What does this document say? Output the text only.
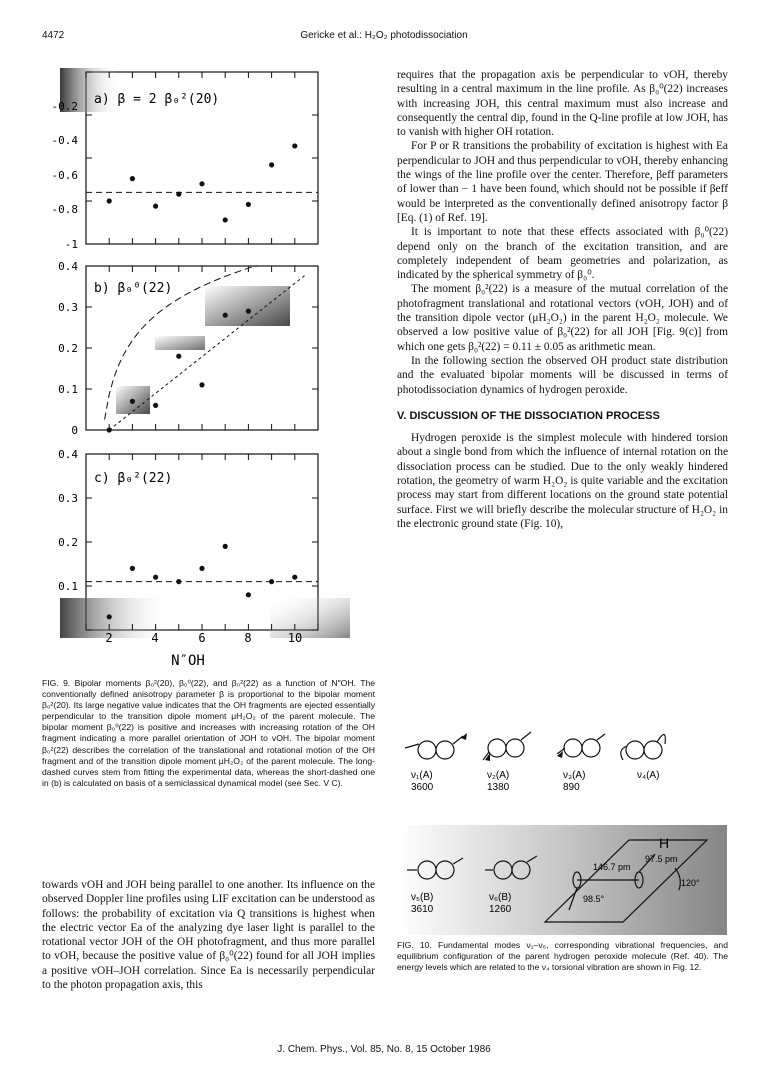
4472	Gericke et al.: H₂O₂ photodissociation
a) β = 2 β₀²(20)
b) β₀⁰(22)
c) β₀²(22)
-0.2
-0.4
-0.6
-0.8
-1
0.4
0.3
0.2
0.1
0
0.4
0.3
0.2
0.1
2	4	6	8	10
N″OH
FIG. 9. Bipolar moments β₀²(20), β₀⁰(22), and β₀²(22) as a function of N″OH. The conventionally defined anisotropy parameter β is proportional to the bipolar moment β₀²(20). Its large negative value indicates that the OH fragments are ejected essentially perpendicular to the transition dipole moment μH₂O₂ of the parent molecule. The bipolar moment β₀⁰(22) is positive and increases with increasing rotation of the OH fragment indicating a more parallel orientation of JOH to vOH. The bipolar moment β₀²(22) describes the correlation of the translational and rotational motion of the OH fragment and of the transition dipole moment μH₂O₂ of the parent molecule. The long-dashed curves stem from fitting the experimental data, whereas the short-dashed one in (b) is calculated on basis of a semiclassical dynamical model (see Sec. V C).

towards vOH and JOH being parallel to one another. Its influence on the observed Doppler line profiles using LIF excitation can be understood as follows: the probability of excitation via Q transitions is highest when the electric vector Ea of the analyzing dye laser light is parallel to the rotational vector JOH of the OH photofragment, and thus more parallel to vOH, because the positive value of β₀⁰(22) found for all JOH implies a positive vOH–JOH correlation. Since Ea is necessarily perpendicular to the photon propagation axis, this

requires that the propagation axis be perpendicular to vOH, thereby resulting in a central maximum in the line profile. As β₀⁰(22) increases with increasing JOH, this central maximum must also increase and consequently the central dip, found in the Q-line profile at low JOH, has to vanish with higher OH rotation.

For P or R transitions the probability of excitation is highest with Ea perpendicular to JOH and thus perpendicular to vOH, thereby enhancing the wings of the line profile over the center. Therefore, βeff parameters of lower than − 1 have been found, which should not be possible if βeff would be interpreted as the conventionally defined anisotropy factor β [Eq. (1) of Ref. 19].

It is important to note that these effects associated with β₀⁰(22) depend only on the branch of the excitation transition, and are completely independent of beam geometries and polarization, as indicated by the spherical symmetry of β₀⁰.

The moment β₀²(22) is a measure of the mutual correlation of the photofragment translational and rotational vectors (vOH, JOH) and of the transition dipole vector (μH₂O₂) in the parent H₂O₂ molecule. We observed a low positive value of β₀²(22) for all JOH [Fig. 9(c)] from which one gets β₀²(22) = 0.11 ± 0.05 as arithmetic mean.

In the following section the observed OH product state distribution and the evaluated bipolar moments will be discussed in terms of photodissociation dynamics of hydrogen peroxide.

V. DISCUSSION OF THE DISSOCIATION PROCESS

Hydrogen peroxide is the simplest molecule with hindered torsion about a single bond from which the influence of internal rotation on the dissociation process can be studied. Due to the only weakly hindered rotation, the geometry of warm H₂O₂ is quite variable and the excitation process may start from different locations on the ground state potential surface. First we will briefly describe the molecular structure of H₂O₂ in the electronic ground state (Fig. 10),

ν₁(A)
3600
ν₂(A)
1380
ν₃(A)
890
ν₄(A)
ν₅(B)
3610
ν₆(B)
1260
97.5 pm
146.7 pm
98.5°
120°
H
FIG. 10. Fundamental modes ν₁–ν₆, corresponding vibrational frequencies, and equilibrium configuration of the parent hydrogen peroxide molecule (Ref. 40). The energy levels which are related to the ν₄ torsional vibration are shown in Fig. 12.
J. Chem. Phys., Vol. 85, No. 8, 15 October 1986
